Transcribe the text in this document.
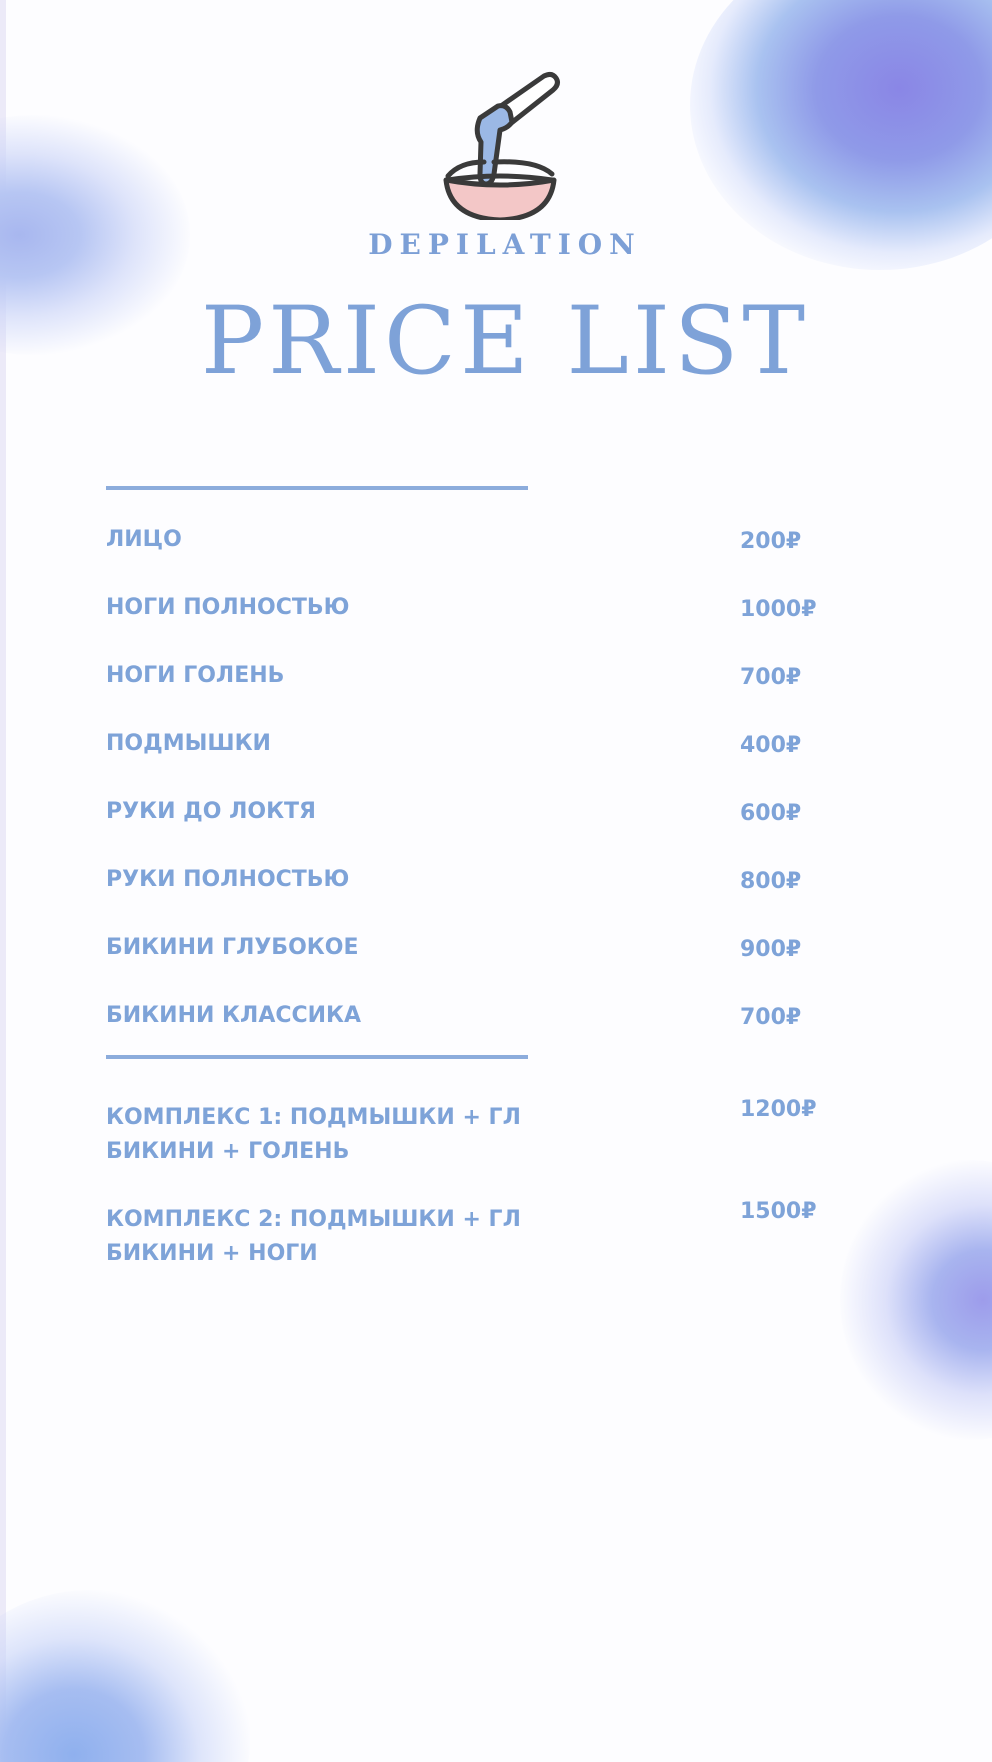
DEPILATION
PRICE LIST
ЛИЦО	200₽
НОГИ ПОЛНОСТЬЮ	1000₽
НОГИ ГОЛЕНЬ	700₽
ПОДМЫШКИ	400₽
РУКИ ДО ЛОКТЯ	600₽
РУКИ ПОЛНОСТЬЮ	800₽
БИКИНИ ГЛУБОКОЕ	900₽
БИКИНИ КЛАССИКА	700₽
КОМПЛЕКС 1: ПОДМЫШКИ + ГЛ
БИКИНИ + ГОЛЕНЬ
1200₽
КОМПЛЕКС 2: ПОДМЫШКИ + ГЛ
БИКИНИ + НОГИ
1500₽
